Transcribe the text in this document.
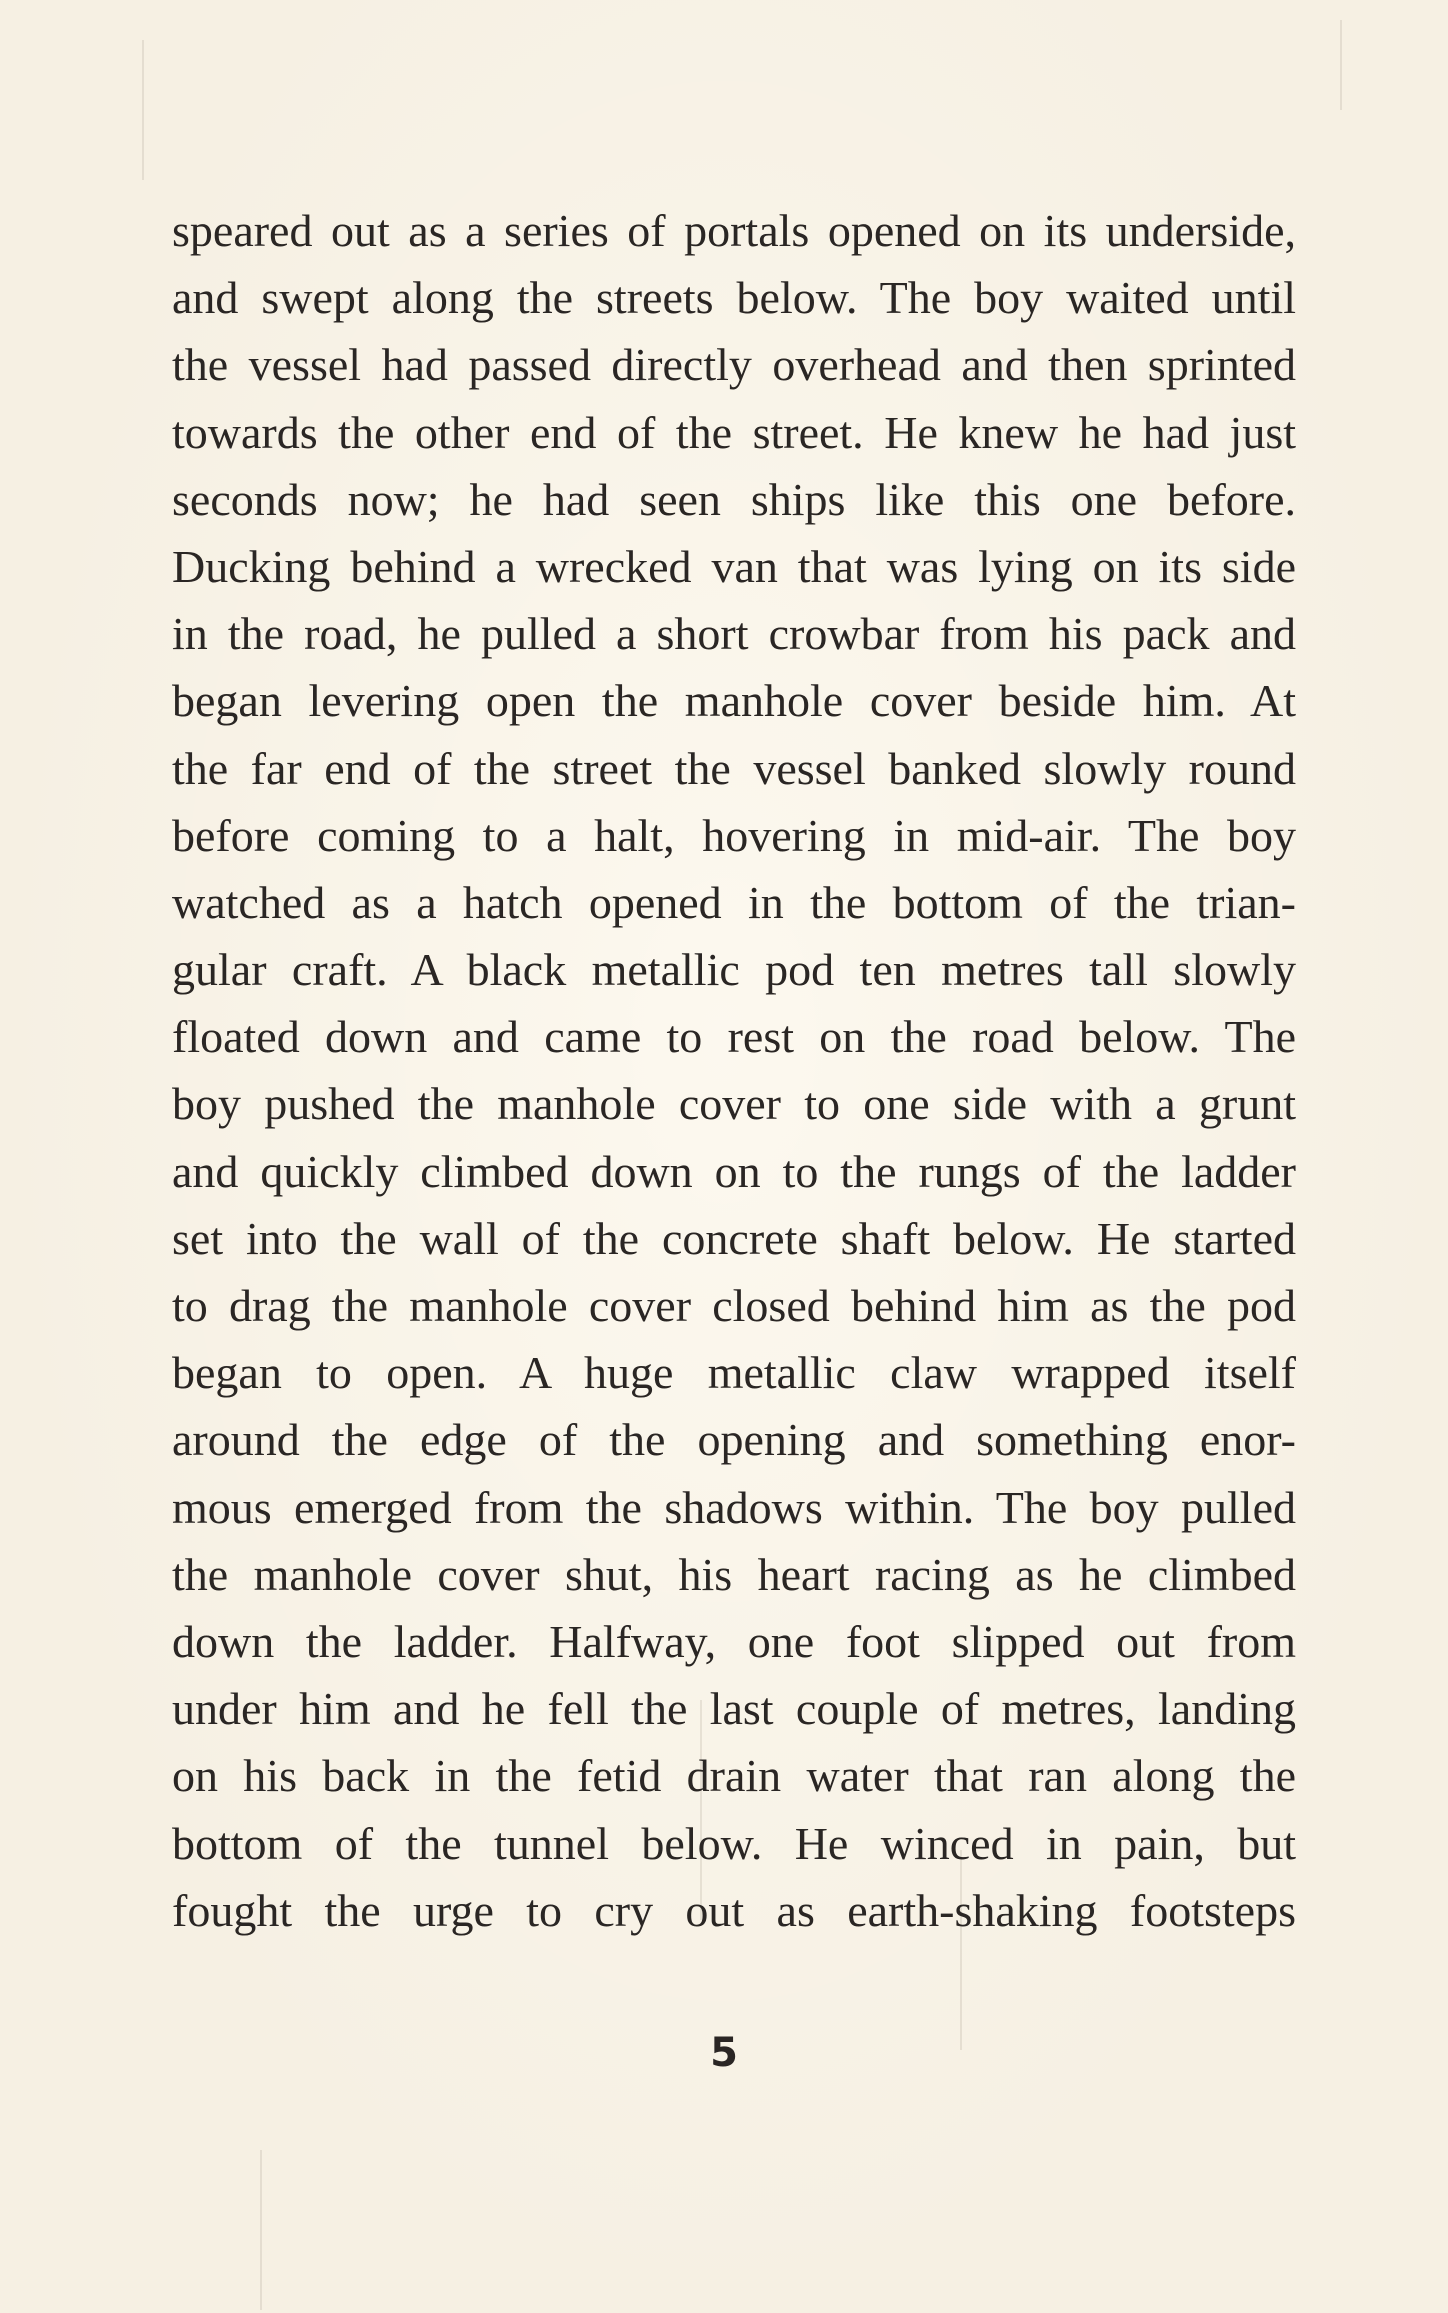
speared out as a series of portals opened on its underside,
and swept along the streets below. The boy waited until
the vessel had passed directly overhead and then sprinted
towards the other end of the street. He knew he had just
seconds now; he had seen ships like this one before.
Ducking behind a wrecked van that was lying on its side
in the road, he pulled a short crowbar from his pack and
began levering open the manhole cover beside him. At
the far end of the street the vessel banked slowly round
before coming to a halt, hovering in mid-air. The boy
watched as a hatch opened in the bottom of the trian-
gular craft. A black metallic pod ten metres tall slowly
floated down and came to rest on the road below. The
boy pushed the manhole cover to one side with a grunt
and quickly climbed down on to the rungs of the ladder
set into the wall of the concrete shaft below. He started
to drag the manhole cover closed behind him as the pod
began to open. A huge metallic claw wrapped itself
around the edge of the opening and something enor-
mous emerged from the shadows within. The boy pulled
the manhole cover shut, his heart racing as he climbed
down the ladder. Halfway, one foot slipped out from
under him and he fell the last couple of metres, landing
on his back in the fetid drain water that ran along the
bottom of the tunnel below. He winced in pain, but
fought the urge to cry out as earth-shaking footsteps
5
